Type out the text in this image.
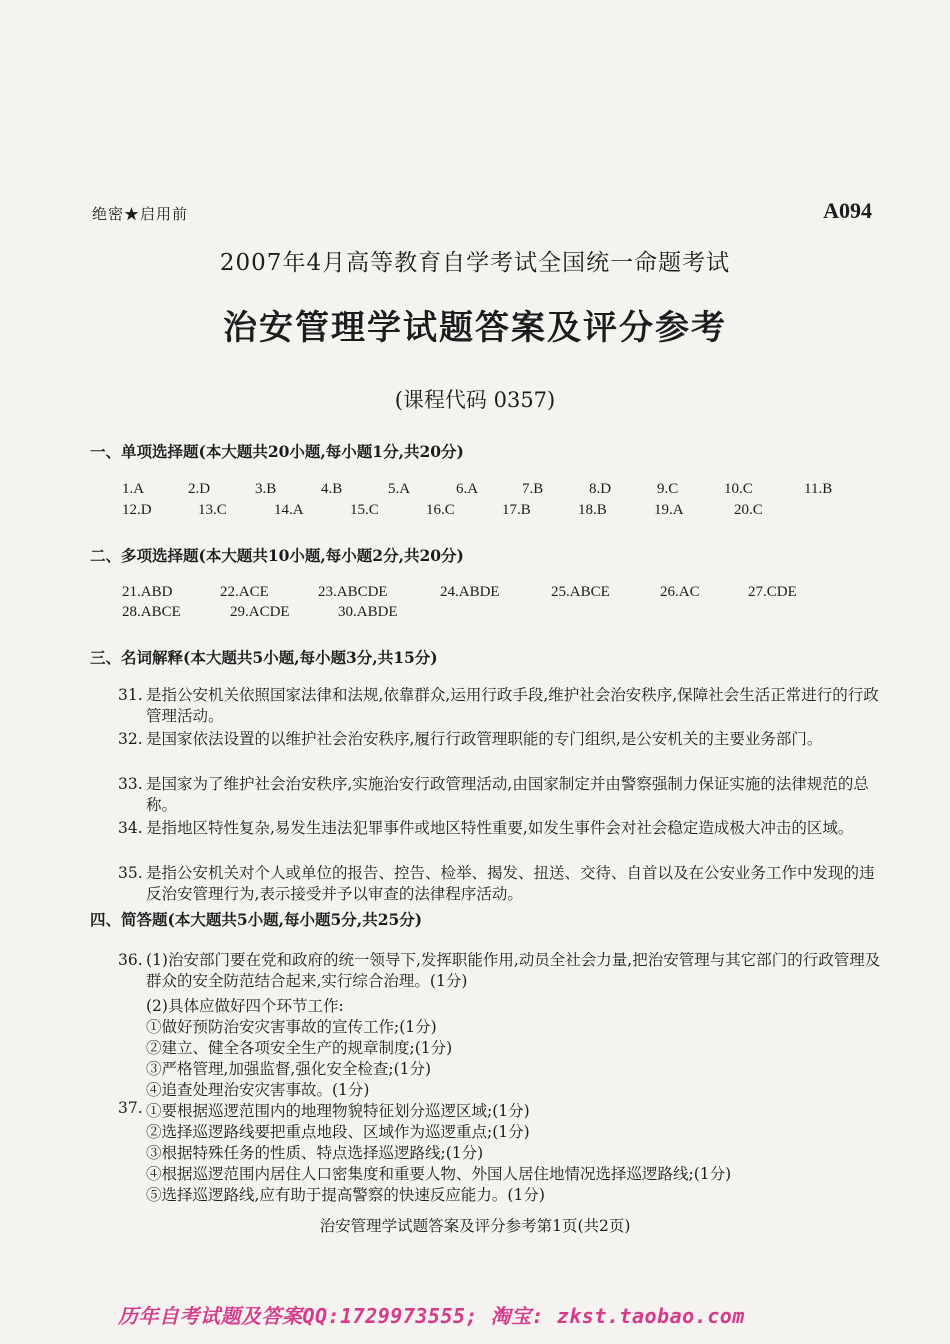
绝密★启用前	A094
2007年4月高等教育自学考试全国统一命题考试
治安管理学试题答案及评分参考
(课程代码 0357)
一、单项选择题(本大题共20小题,每小题1分,共20分)
1.A	2.D	3.B	4.B	5.A	6.A	7.B	8.D	9.C	10.C	11.B
12.D	13.C	14.A	15.C	16.C	17.B	18.B	19.A	20.C
二、多项选择题(本大题共10小题,每小题2分,共20分)
21.ABD	22.ACE	23.ABCDE	24.ABDE	25.ABCE	26.AC	27.CDE
28.ABCE	29.ACDE	30.ABDE
三、名词解释(本大题共5小题,每小题3分,共15分)
31. 是指公安机关依照国家法律和法规,依靠群众,运用行政手段,维护社会治安秩序,保障社会生活正常进行的行政管理活动。
32. 是国家依法设置的以维护社会治安秩序,履行行政管理职能的专门组织,是公安机关的主要业务部门。
33. 是国家为了维护社会治安秩序,实施治安行政管理活动,由国家制定并由警察强制力保证实施的法律规范的总称。
34. 是指地区特性复杂,易发生违法犯罪事件或地区特性重要,如发生事件会对社会稳定造成极大冲击的区域。
35. 是指公安机关对个人或单位的报告、控告、检举、揭发、扭送、交待、自首以及在公安业务工作中发现的违反治安管理行为,表示接受并予以审查的法律程序活动。
四、简答题(本大题共5小题,每小题5分,共25分)
36. (1)治安部门要在党和政府的统一领导下,发挥职能作用,动员全社会力量,把治安管理与其它部门的行政管理及群众的安全防范结合起来,实行综合治理。(1分)
(2)具体应做好四个环节工作:
①做好预防治安灾害事故的宣传工作;(1分)
②建立、健全各项安全生产的规章制度;(1分)
③严格管理,加强监督,强化安全检查;(1分)
④追查处理治安灾害事故。(1分)
37. ①要根据巡逻范围内的地理物貌特征划分巡逻区域;(1分)
②选择巡逻路线要把重点地段、区域作为巡逻重点;(1分)
③根据特殊任务的性质、特点选择巡逻路线;(1分)
④根据巡逻范围内居住人口密集度和重要人物、外国人居住地情况选择巡逻路线;(1分)
⑤选择巡逻路线,应有助于提高警察的快速反应能力。(1分)
治安管理学试题答案及评分参考第1页(共2页)
历年自考试题及答案QQ:1729973555; 淘宝: zkst.taobao.com
